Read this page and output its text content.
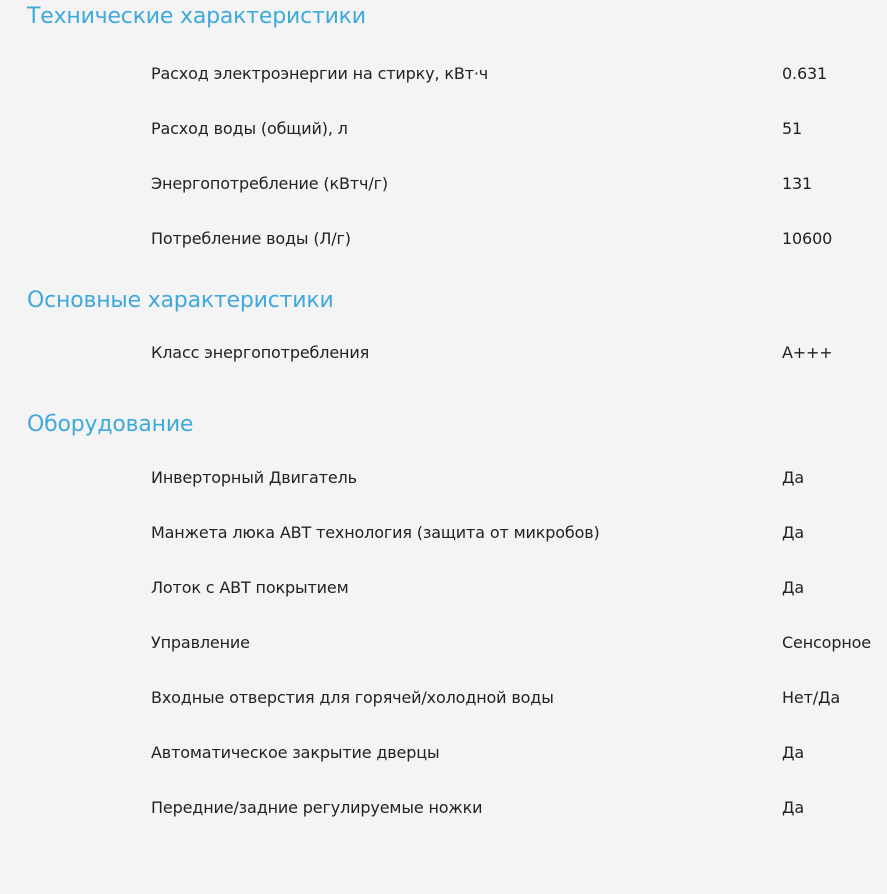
Технические характеристики
Расход электроэнергии на стирку, кВт·ч	0.631
Расход воды (общий), л	51
Энергопотребление (кВтч/г)	131
Потребление воды (Л/г)	10600
Основные характеристики
Класс энергопотребления	A+++
Оборудование
Инверторный Двигатель	Да
Манжета люка ABT технология (защита от микробов)	Да
Лоток с ABT покрытием	Да
Управление	Сенсорное
Входные отверстия для горячей/холодной воды	Нет/Да
Автоматическое закрытие дверцы	Да
Передние/задние регулируемые ножки	Да
